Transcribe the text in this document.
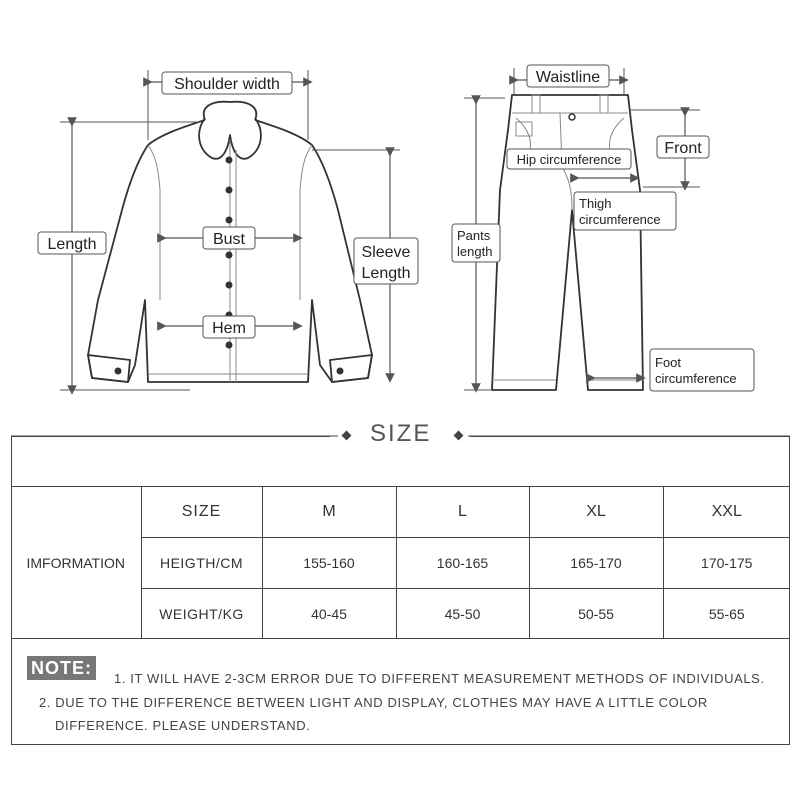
Shoulder width
Length	Bust
Hem
Sleeve
Length
Waistline
Front
Hip circumference
Thigh
circumference
Pants
length
Foot
circumference
SIZE
IMFORMATION	SIZE	M	L	XL	XXL
	HEIGTH/CM	155-160	160-165	165-170	170-175
	WEIGHT/KG	40-45	45-50	50-55	55-65
NOTE:
1. IT WILL HAVE 2-3CM ERROR DUE TO DIFFERENT MEASUREMENT METHODS OF INDIVIDUALS.
2. DUE TO THE DIFFERENCE BETWEEN LIGHT AND DISPLAY, CLOTHES MAY HAVE A LITTLE COLOR
DIFFERENCE. PLEASE UNDERSTAND.
